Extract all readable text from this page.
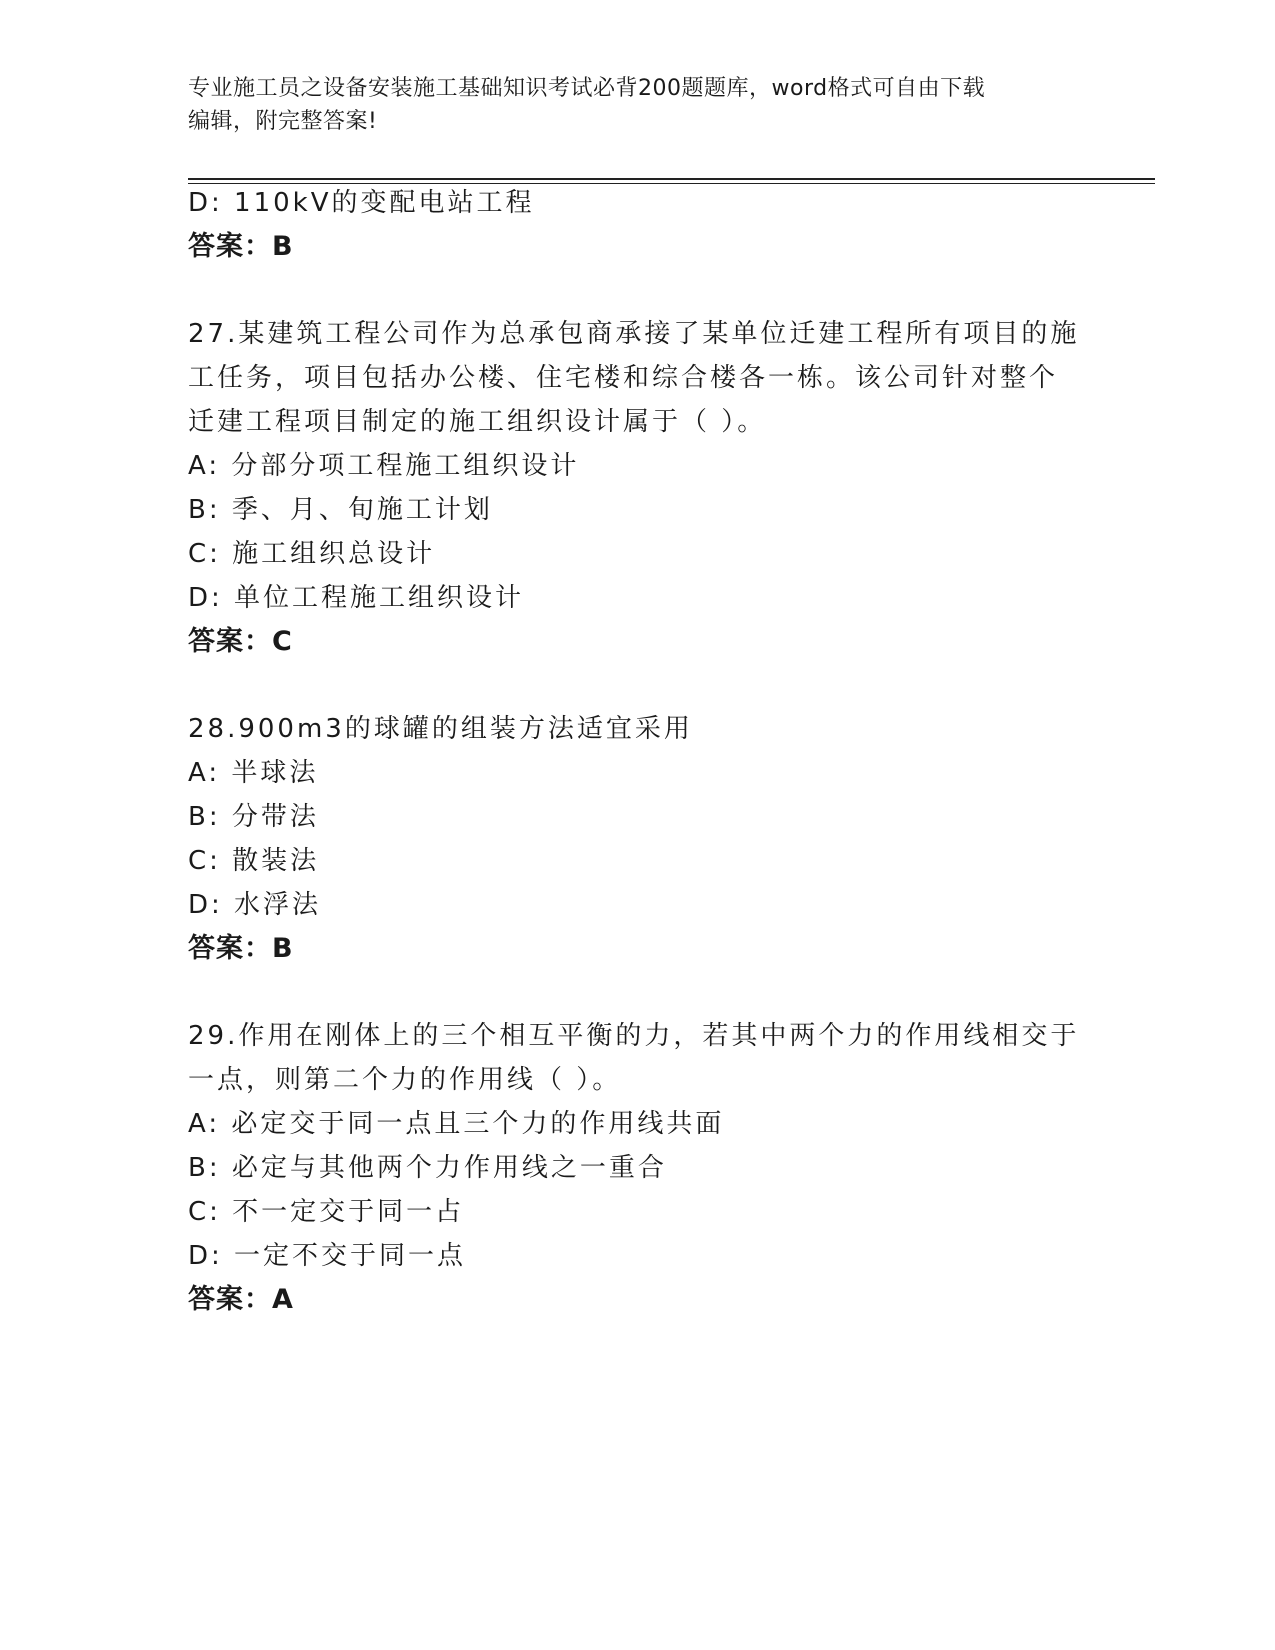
专业施工员之设备安装施工基础知识考试必背200题题库，word格式可自由下载
编辑，附完整答案!
D: 110kV的变配电站工程
答案：B
27.某建筑工程公司作为总承包商承接了某单位迁建工程所有项目的施
工任务，项目包括办公楼、住宅楼和综合楼各一栋。该公司针对整个
迁建工程项目制定的施工组织设计属于（ ）。
A: 分部分项工程施工组织设计
B: 季、月、旬施工计划
C: 施工组织总设计
D: 单位工程施工组织设计
答案：C
28.900m3的球罐的组装方法适宜采用
A: 半球法
B: 分带法
C: 散装法
D: 水浮法
答案：B
29.作用在刚体上的三个相互平衡的力，若其中两个力的作用线相交于
一点，则第二个力的作用线（ ）。
A: 必定交于同一点且三个力的作用线共面
B: 必定与其他两个力作用线之一重合
C: 不一定交于同一占
D: 一定不交于同一点
答案：A
